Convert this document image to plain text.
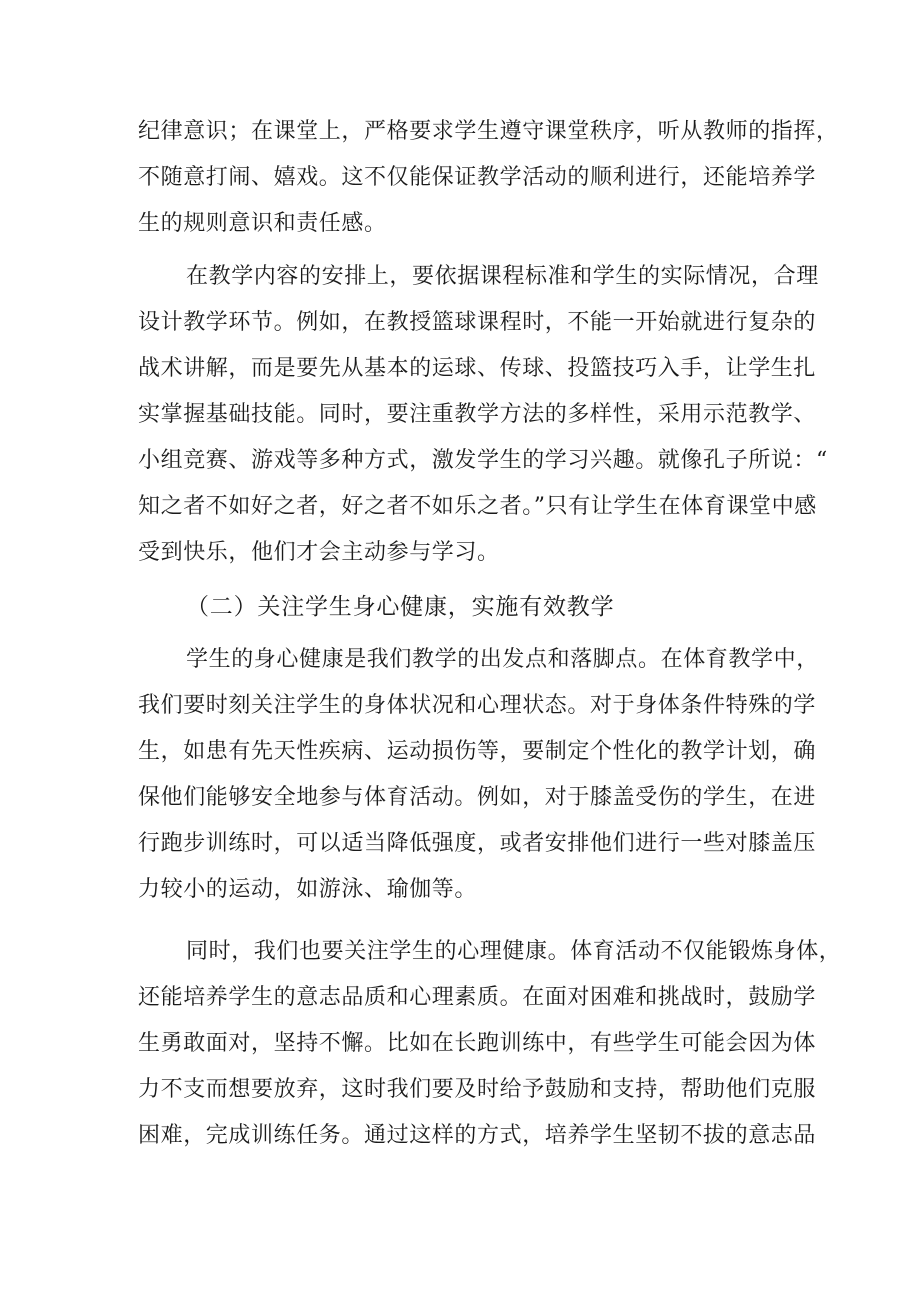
纪律意识；在课堂上，严格要求学生遵守课堂秩序，听从教师的指挥，
不随意打闹、嬉戏。这不仅能保证教学活动的顺利进行，还能培养学
生的规则意识和责任感。
在教学内容的安排上，要依据课程标准和学生的实际情况，合理
设计教学环节。例如，在教授篮球课程时，不能一开始就进行复杂的
战术讲解，而是要先从基本的运球、传球、投篮技巧入手，让学生扎
实掌握基础技能。同时，要注重教学方法的多样性，采用示范教学、
小组竞赛、游戏等多种方式，激发学生的学习兴趣。就像孔子所说：“
知之者不如好之者，好之者不如乐之者。”只有让学生在体育课堂中感
受到快乐，他们才会主动参与学习。
（二）关注学生身心健康，实施有效教学
学生的身心健康是我们教学的出发点和落脚点。在体育教学中，
我们要时刻关注学生的身体状况和心理状态。对于身体条件特殊的学
生，如患有先天性疾病、运动损伤等，要制定个性化的教学计划，确
保他们能够安全地参与体育活动。例如，对于膝盖受伤的学生，在进
行跑步训练时，可以适当降低强度，或者安排他们进行一些对膝盖压
力较小的运动，如游泳、瑜伽等。
同时，我们也要关注学生的心理健康。体育活动不仅能锻炼身体，
还能培养学生的意志品质和心理素质。在面对困难和挑战时，鼓励学
生勇敢面对，坚持不懈。比如在长跑训练中，有些学生可能会因为体
力不支而想要放弃，这时我们要及时给予鼓励和支持，帮助他们克服
困难，完成训练任务。通过这样的方式，培养学生坚韧不拔的意志品
